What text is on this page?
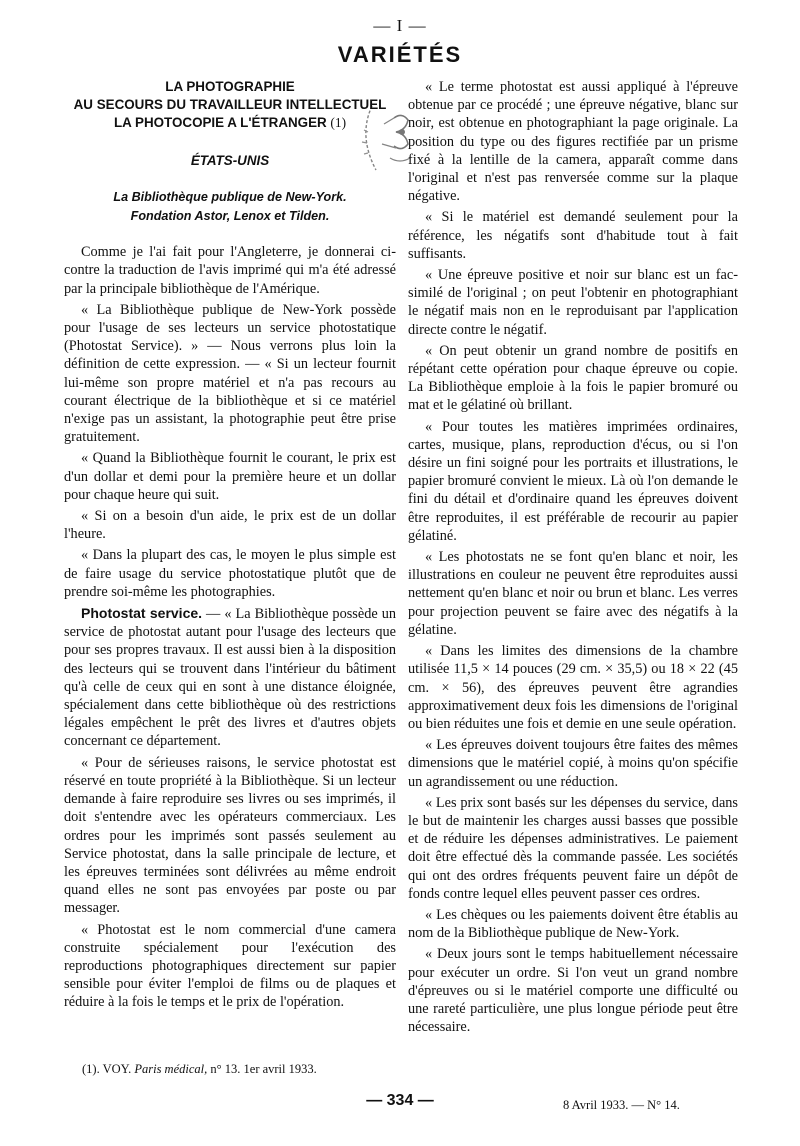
— I —
VARIÉTÉS
LA PHOTOGRAPHIE
AU SECOURS DU TRAVAILLEUR INTELLECTUEL
LA PHOTOCOPIE A L'ÉTRANGER (1)
ÉTATS-UNIS
La Bibliothèque publique de New-York.
Fondation Astor, Lenox et Tilden.

Comme je l'ai fait pour l'Angleterre, je donnerai ci-contre la traduction de l'avis imprimé qui m'a été adressé par la principale bibliothèque de l'Amérique.

« La Bibliothèque publique de New-York possède pour l'usage de ses lecteurs un service photostatique (Photostat Service). » — Nous verrons plus loin la définition de cette expression. — « Si un lecteur fournit lui-même son propre matériel et n'a pas recours au courant électrique de la bibliothèque et si ce matériel n'exige pas un assistant, la photographie peut être prise gratuitement.

« Quand la Bibliothèque fournit le courant, le prix est d'un dollar et demi pour la première heure et un dollar pour chaque heure qui suit.

« Si on a besoin d'un aide, le prix est de un dollar l'heure.

« Dans la plupart des cas, le moyen le plus simple est de faire usage du service photostatique plutôt que de prendre soi-même les photographies.

Photostat service. — « La Bibliothèque possède un service de photostat autant pour l'usage des lecteurs que pour ses propres travaux. Il est aussi bien à la disposition des lecteurs qui se trouvent dans l'intérieur du bâtiment qu'à celle de ceux qui en sont à une distance éloignée, spécialement dans cette bibliothèque où des restrictions légales empêchent le prêt des livres et d'autres objets concernant ce département.

« Pour de sérieuses raisons, le service photostat est réservé en toute propriété à la Bibliothèque. Si un lecteur demande à faire reproduire ses livres ou ses imprimés, il doit s'entendre avec les opérateurs commerciaux. Les ordres pour les imprimés sont passés seulement au Service photostat, dans la salle principale de lecture, et les épreuves terminées sont délivrées au même endroit quand elles ne sont pas envoyées par poste ou par messager.

« Photostat est le nom commercial d'une camera construite spécialement pour l'exécution des reproductions photographiques directement sur papier sensible pour éviter l'emploi de films ou de plaques et réduire à la fois le temps et le prix de l'opération.

« Le terme photostat est aussi appliqué à l'épreuve obtenue par ce procédé ; une épreuve négative, blanc sur noir, est obtenue en photographiant la page originale. La position du type ou des figures rectifiée par un prisme fixé à la lentille de la camera, apparaît comme dans l'original et n'est pas renversée comme sur la plaque négative.

« Si le matériel est demandé seulement pour la référence, les négatifs sont d'habitude tout à fait suffisants.

« Une épreuve positive et noir sur blanc est un fac-similé de l'original ; on peut l'obtenir en photographiant le négatif mais non en le reproduisant par l'application directe contre le négatif.

« On peut obtenir un grand nombre de positifs en répétant cette opération pour chaque épreuve ou copie. La Bibliothèque emploie à la fois le papier bromuré ou mat et le gélatiné où brillant.

« Pour toutes les matières imprimées ordinaires, cartes, musique, plans, reproduction d'écus, ou si l'on désire un fini soigné pour les portraits et illustrations, le papier bromuré convient le mieux. Là où l'on demande le fini du détail et d'ordinaire quand les épreuves doivent être reproduites, il est préférable de recourir au papier gélatiné.

« Les photostats ne se font qu'en blanc et noir, les illustrations en couleur ne peuvent être reproduites aussi nettement qu'en blanc et noir ou brun et blanc. Les verres pour projection peuvent se faire avec des négatifs à la gélatine.

« Dans les limites des dimensions de la chambre utilisée 11,5 × 14 pouces (29 cm. × 35,5) ou 18 × 22 (45 cm. × 56), des épreuves peuvent être agrandies approximativement deux fois les dimensions de l'original ou bien réduites une fois et demie en une seule opération.

« Les épreuves doivent toujours être faites des mêmes dimensions que le matériel copié, à moins qu'on spécifie un agrandissement ou une réduction.

« Les prix sont basés sur les dépenses du service, dans le but de maintenir les charges aussi basses que possible et de réduire les dépenses administratives. Le paiement doit être effectué dès la commande passée. Les sociétés qui ont des ordres fréquents peuvent faire un dépôt de fonds contre lequel elles peuvent passer ces ordres.

« Les chèques ou les paiements doivent être établis au nom de la Bibliothèque publique de New-York.

« Deux jours sont le temps habituellement nécessaire pour exécuter un ordre. Si l'on veut un grand nombre d'épreuves ou si le matériel comporte une difficulté ou une rareté particulière, une plus longue période peut être nécessaire.

(1). VOY. Paris médical, n° 13. 1er avril 1933.
— 334 —	8 Avril 1933. — N° 14.
